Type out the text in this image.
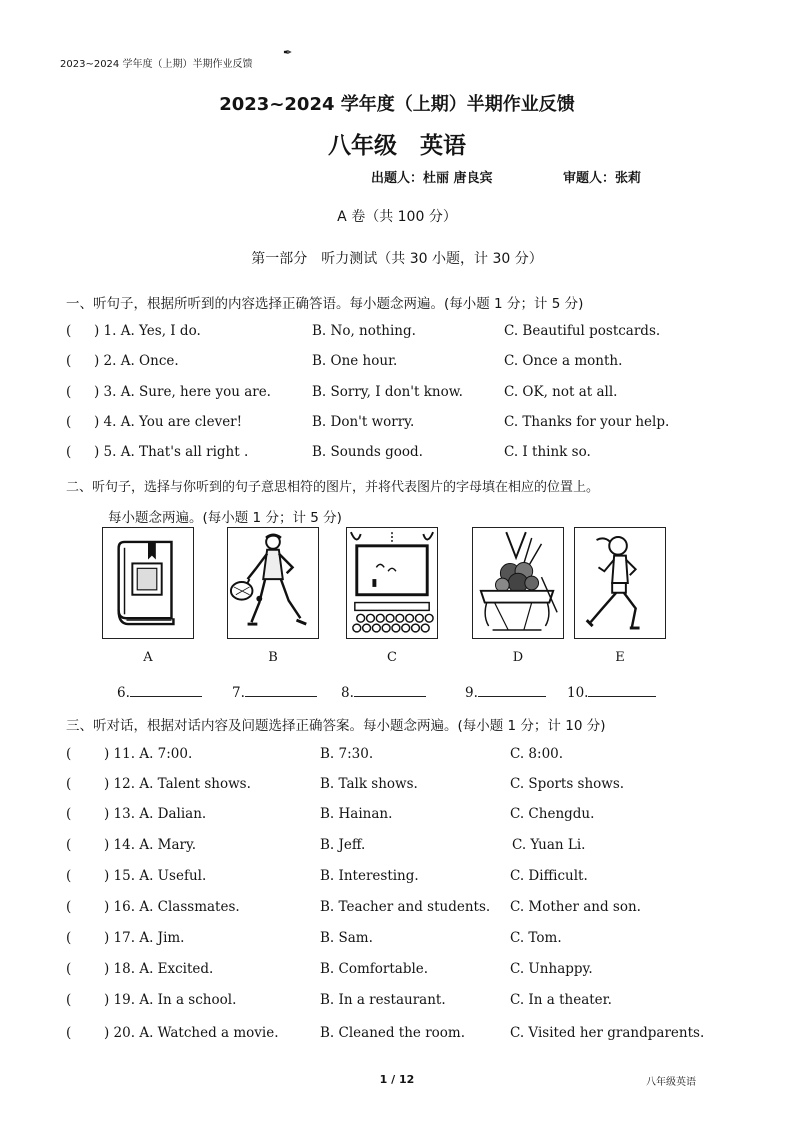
2023~2024 学年度（上期）半期作业反馈
✒
2023~2024 学年度（上期）半期作业反馈
八年级　英语
出题人：杜丽 唐良宾	审题人：张莉
A 卷（共 100 分）
第一部分　听力测试（共 30 小题，计 30 分）
一、听句子，根据所听到的内容选择正确答语。每小题念两遍。(每小题 1 分；计 5 分)
( ) 1. A. Yes, I do.	B. No, nothing.	C. Beautiful postcards.
( ) 2. A. Once.	B. One hour.	C. Once a month.
( ) 3. A. Sure, here you are.	B. Sorry, I don't know.	C. OK, not at all.
( ) 4. A. You are clever!	B. Don't worry.	C. Thanks for your help.
( ) 5. A. That's all right .	B. Sounds good.	C. I think so.
二、听句子，选择与你听到的句子意思相符的图片，并将代表图片的字母填在相应的位置上。
每小题念两遍。(每小题 1 分；计 5 分)
A	B	C	D	E
6.	7.	8.	9.	10.
三、听对话，根据对话内容及问题选择正确答案。每小题念两遍。(每小题 1 分；计 10 分)
( ) 11. A. 7:00.	B. 7:30.	C. 8:00.
( ) 12. A. Talent shows.	B. Talk shows.	C. Sports shows.
( ) 13. A. Dalian.	B. Hainan.	C. Chengdu.
( ) 14. A. Mary.	B. Jeff.	C. Yuan Li.
( ) 15. A. Useful.	B. Interesting.	C. Difficult.
( ) 16. A. Classmates.	B. Teacher and students. C. Mother and son.
( ) 17. A. Jim.	B. Sam.	C. Tom.
( ) 18. A. Excited.	B. Comfortable.	C. Unhappy.
( ) 19. A. In a school.	B. In a restaurant.	C. In a theater.
( ) 20. A. Watched a movie.	B. Cleaned the room.	C. Visited her grandparents.
1 / 12	八年级英语
